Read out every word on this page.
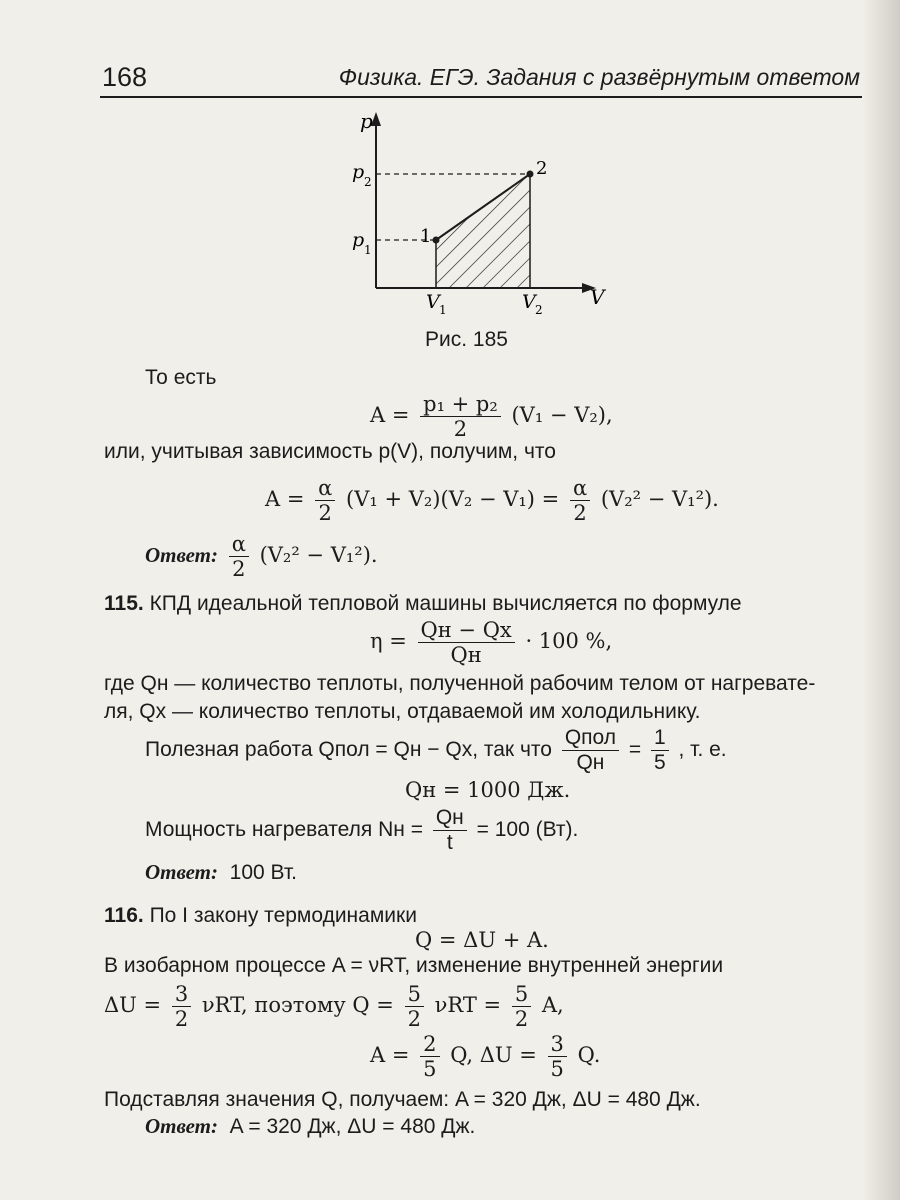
168	Физика. ЕГЭ. Задания с развёрнутым ответом
p
V
p 2
p 1
V 1	V 2
1
2
Рис. 185
То есть
$A = \frac{\text{p₁ + p₂}}{2} (V_1 - V_2)$,
или, учитывая зависимость p(V), получим, что
$A = \frac{\alpha}{2} (V_1 + V_2)(V_2 - V_1) = \frac{\alpha}{2} (V_2^2 - V_1^2)$.
Ответ: $\frac{\alpha}{2} (V_2^2 - V_1^2)$.
115. КПД идеальной тепловой машины вычисляется по формуле
$\eta = \frac{Qн - Qх}{Qн} \cdot 100$ %,
где Qн — количество теплоты, полученной рабочим телом от нагревате-
ля, Qх — количество теплоты, отдаваемой им холодильнику.
Полезная работа Qпол = Qн − Qх, так что $\frac{\text{Qпол}}{Qн} = \frac{1}{5}$ , т. е.
Qн = 1000 Дж.
Мощность нагревателя Nн = $\frac{Qн}{t} = 100$ (Вт).
Ответ: 100 Вт.
116. По I закону термодинамики
Q = ΔU + A.
В изобарном процессе A = νRT, изменение внутренней энергии
$\Delta U = \frac{3}{2} \nu RT$, поэтому $Q = \frac{5}{2}$ $\nu RT = \frac{5}{2} A$,
$A = \frac{2}{5} Q$, $\Delta U = \frac{3}{5} Q$.
Подставляя значения Q, получаем: A = 320 Дж, ΔU = 480 Дж.
Ответ: A = 320 Дж, ΔU = 480 Дж.
